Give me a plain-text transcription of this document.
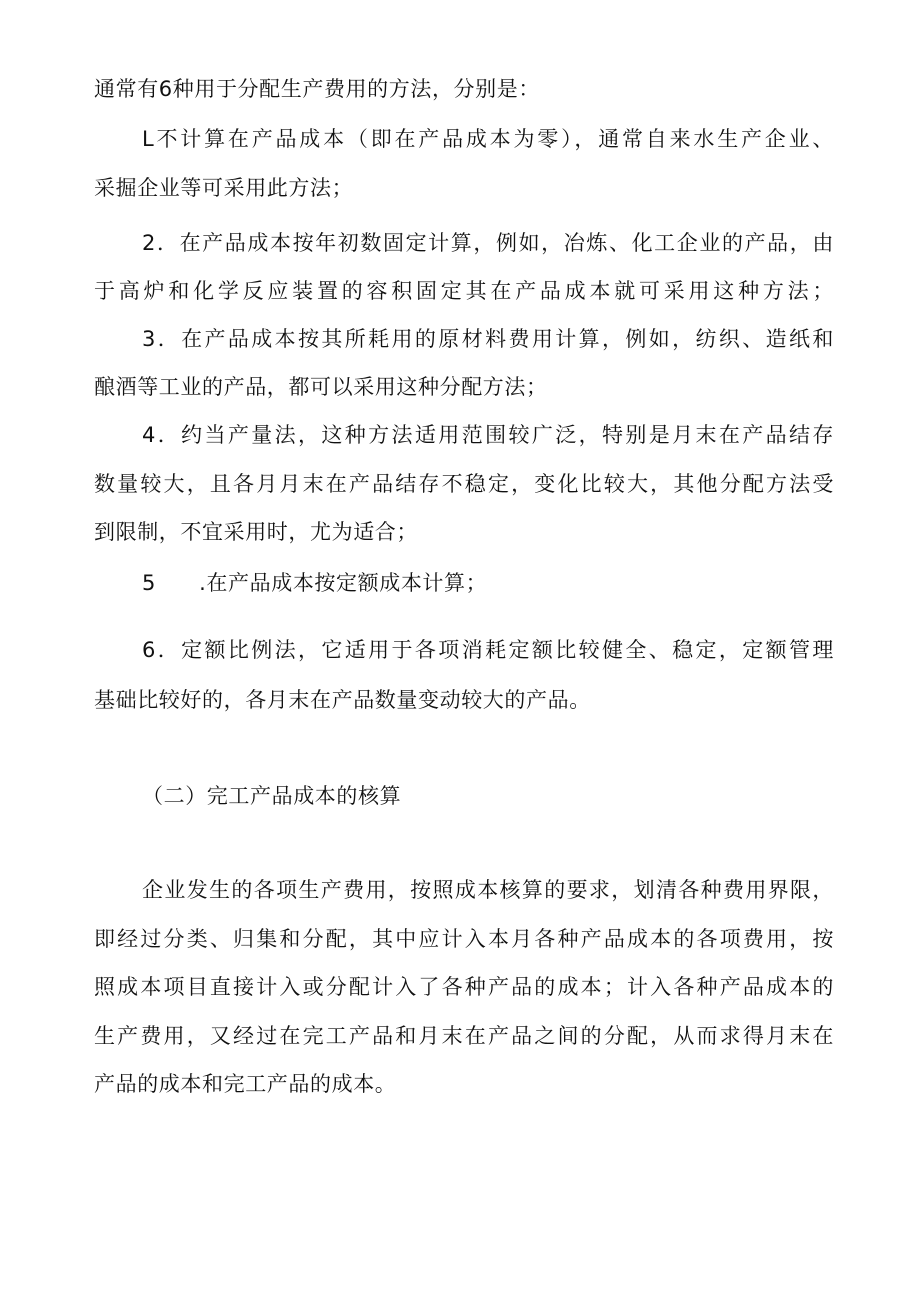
通常有6种用于分配生产费用的方法，分别是：
L不计算在产品成本（即在产品成本为零），通常自来水生产企业、
采掘企业等可采用此方法；
2．在产品成本按年初数固定计算，例如，冶炼、化工企业的产品，由
于高炉和化学反应装置的容积固定其在产品成本就可采用这种方法；
3．在产品成本按其所耗用的原材料费用计算，例如，纺织、造纸和
酿酒等工业的产品，都可以采用这种分配方法；
4．约当产量法，这种方法适用范围较广泛，特别是月末在产品结存
数量较大，且各月月末在产品结存不稳定，变化比较大，其他分配方法受
到限制，不宜采用时，尤为适合；
5　　.在产品成本按定额成本计算；
6．定额比例法，它适用于各项消耗定额比较健全、稳定，定额管理
基础比较好的，各月末在产品数量变动较大的产品。
（二）完工产品成本的核算
企业发生的各项生产费用，按照成本核算的要求，划清各种费用界限，
即经过分类、归集和分配，其中应计入本月各种产品成本的各项费用，按
照成本项目直接计入或分配计入了各种产品的成本；计入各种产品成本的
生产费用，又经过在完工产品和月末在产品之间的分配，从而求得月末在
产品的成本和完工产品的成本。
